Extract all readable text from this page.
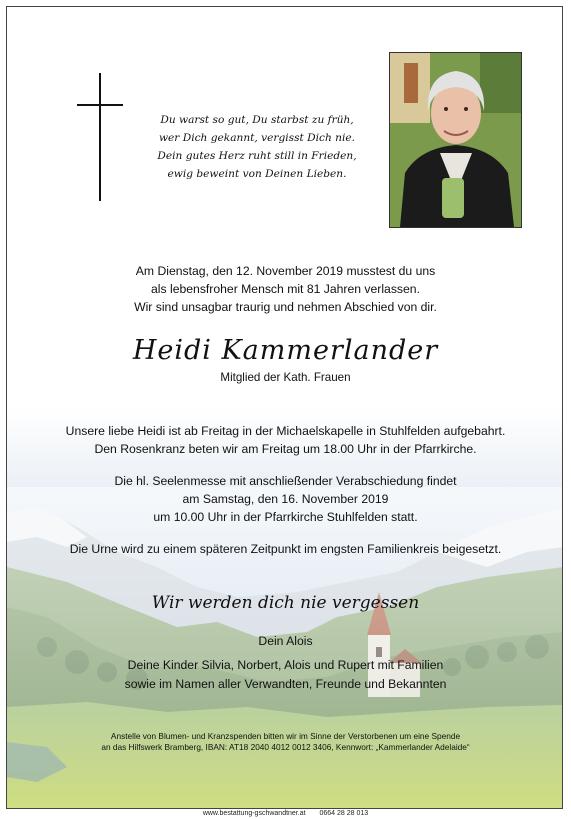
Du warst so gut, Du starbst zu früh,
wer Dich gekannt, vergisst Dich nie.
Dein gutes Herz ruht still in Frieden,
ewig beweint von Deinen Lieben.
Am Dienstag, den 12. November 2019 musstest du uns
als lebensfroher Mensch mit 81 Jahren verlassen.
Wir sind unsagbar traurig und nehmen Abschied von dir.
Heidi Kammerlander
Mitglied der Kath. Frauen

Unsere liebe Heidi ist ab Freitag in der Michaelskapelle in Stuhlfelden aufgebahrt.
Den Rosenkranz beten wir am Freitag um 18.00 Uhr in der Pfarrkirche.

Die hl. Seelenmesse mit anschließender Verabschiedung findet
am Samstag, den 16. November 2019
um 10.00 Uhr in der Pfarrkirche Stuhlfelden statt.

Die Urne wird zu einem späteren Zeitpunkt im engsten Familienkreis beigesetzt.

Wir werden dich nie vergessen
Dein Alois
Deine Kinder Silvia, Norbert, Alois und Rupert mit Familien
sowie im Namen aller Verwandten, Freunde und Bekannten
Anstelle von Blumen- und Kranzspenden bitten wir im Sinne der Verstorbenen um eine Spende
an das Hilfswerk Bramberg, IBAN: AT18 2040 4012 0012 3406, Kennwort: „Kammerlander Adelaide“
www.bestattung-gschwandtner.at 0664 28 28 013
